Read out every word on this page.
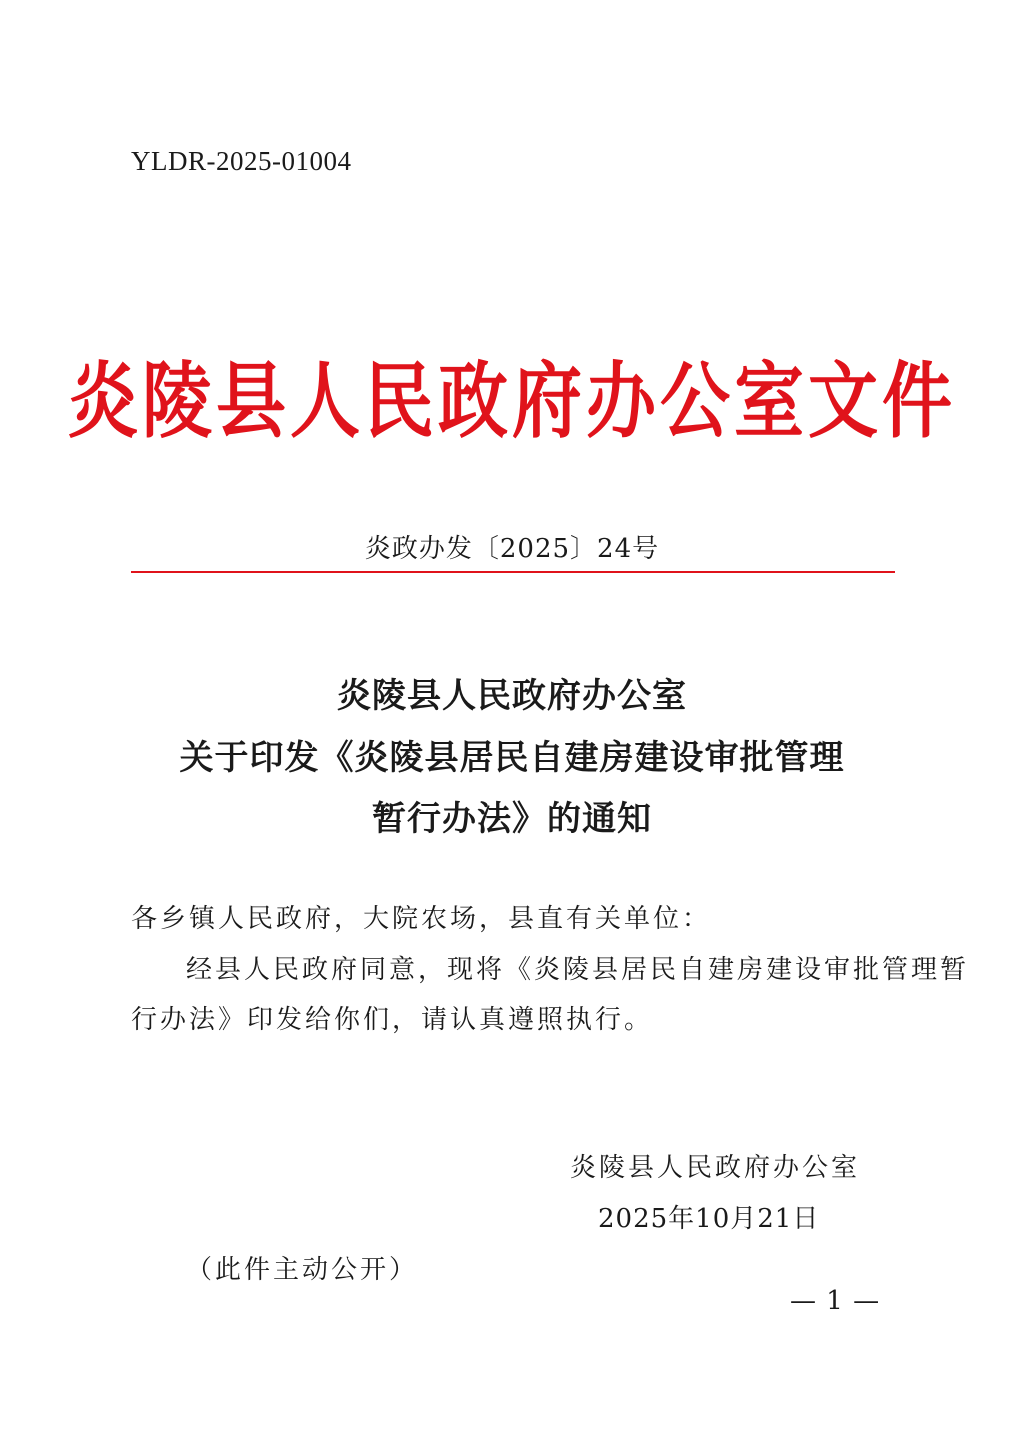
YLDR-2025-01004
炎陵县人民政府办公室文件
炎政办发〔2025〕24号
炎陵县人民政府办公室
关于印发《炎陵县居民自建房建设审批管理
暂行办法》的通知
各乡镇人民政府，大院农场，县直有关单位：
经县人民政府同意，现将《炎陵县居民自建房建设审批管理暂
行办法》印发给你们，请认真遵照执行。
炎陵县人民政府办公室
2025年10月21日
（此件主动公开）
— 1 —
